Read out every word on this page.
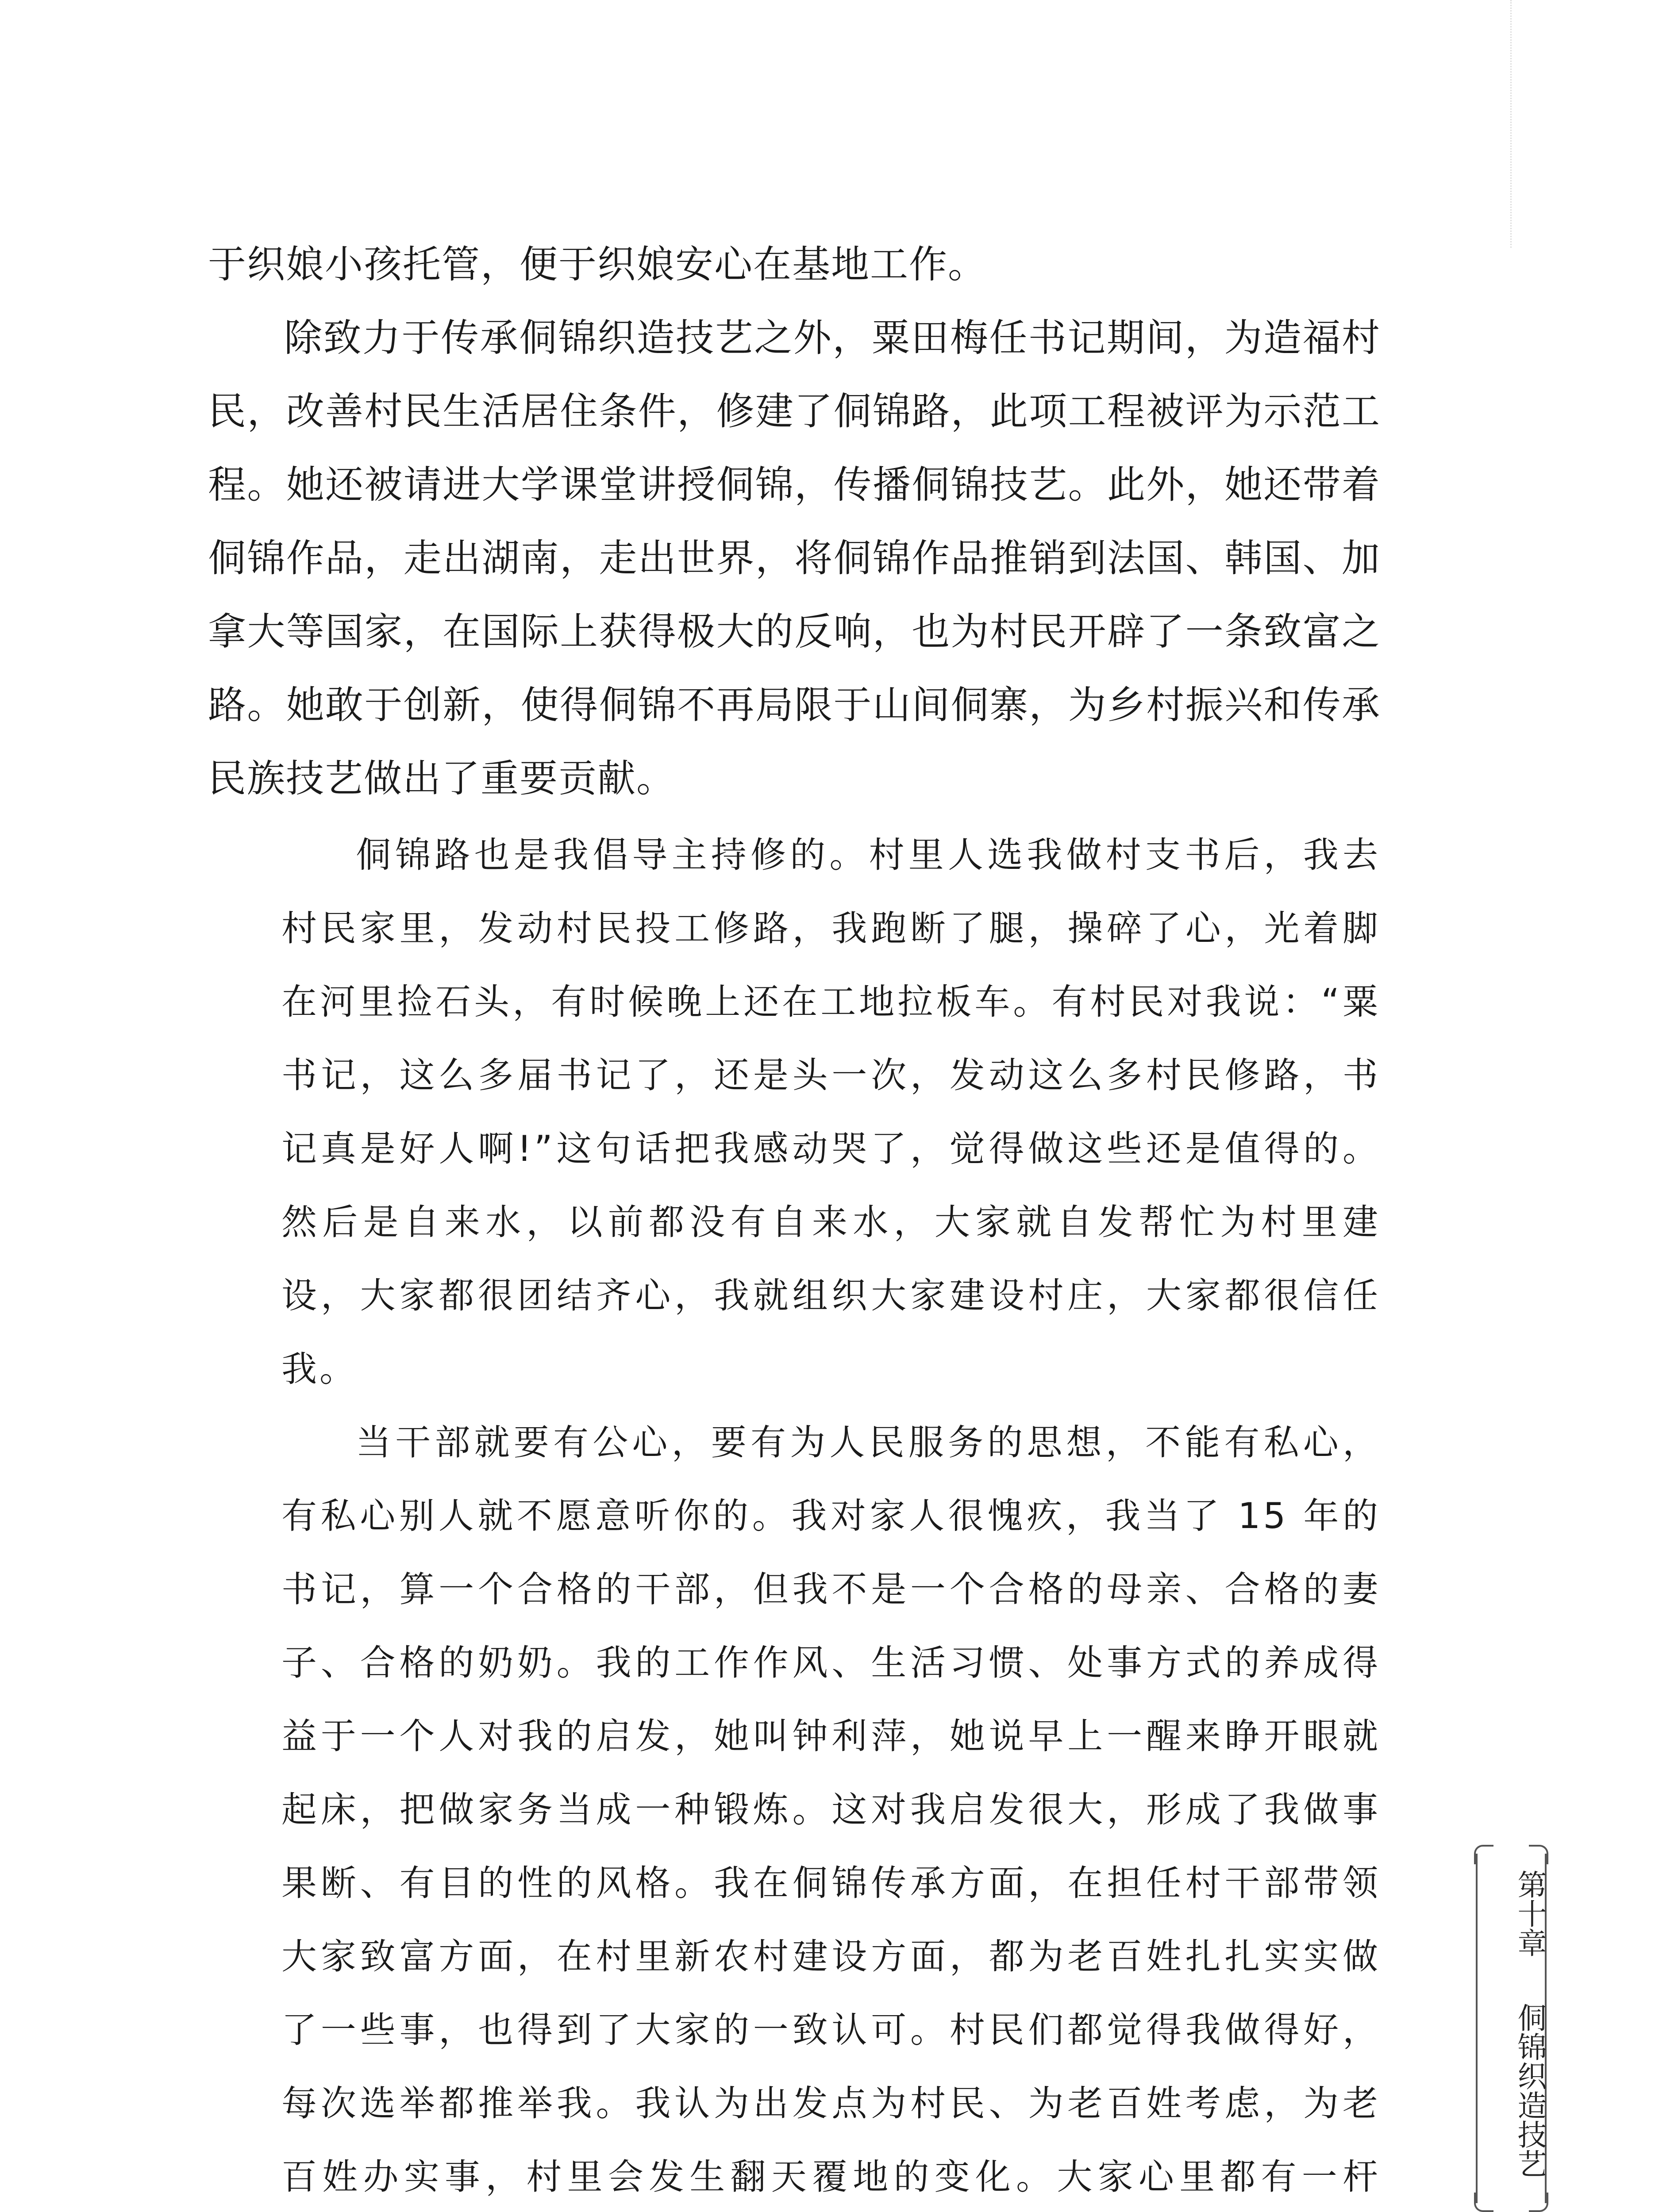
于织娘小孩托管，便于织娘安心在基地工作。

除致力于传承侗锦织造技艺之外，粟田梅任书记期间，为造福村民，改善村民生活居住条件，修建了侗锦路，此项工程被评为示范工程。她还被请进大学课堂讲授侗锦，传播侗锦技艺。此外，她还带着侗锦作品，走出湖南，走出世界，将侗锦作品推销到法国、韩国、加拿大等国家，在国际上获得极大的反响，也为村民开辟了一条致富之路。她敢于创新，使得侗锦不再局限于山间侗寨，为乡村振兴和传承民族技艺做出了重要贡献。

侗锦路也是我倡导主持修的。村里人选我做村支书后，我去村民家里，发动村民投工修路，我跑断了腿，操碎了心，光着脚在河里捡石头，有时候晚上还在工地拉板车。有村民对我说：“粟书记，这么多届书记了，还是头一次，发动这么多村民修路，书记真是好人啊!”这句话把我感动哭了，觉得做这些还是值得的。然后是自来水，以前都没有自来水，大家就自发帮忙为村里建设，大家都很团结齐心，我就组织大家建设村庄，大家都很信任我。

当干部就要有公心，要有为人民服务的思想，不能有私心，有私心别人就不愿意听你的。我对家人很愧疚，我当了 15 年的书记，算一个合格的干部，但我不是一个合格的母亲、合格的妻子、合格的奶奶。我的工作作风、生活习惯、处事方式的养成得益于一个人对我的启发，她叫钟利萍，她说早上一醒来睁开眼就起床，把做家务当成一种锻炼。这对我启发很大，形成了我做事果断、有目的性的风格。我在侗锦传承方面，在担任村干部带领大家致富方面，在村里新农村建设方面，都为老百姓扎扎实实做了一些事，也得到了大家的一致认可。村民们都觉得我做得好，每次选举都推举我。我认为出发点为村民、为老百姓考虑，为老百姓办实事，村里会发生翻天覆地的变化。大家心里都有一杆

第十章
侗锦织造技艺
